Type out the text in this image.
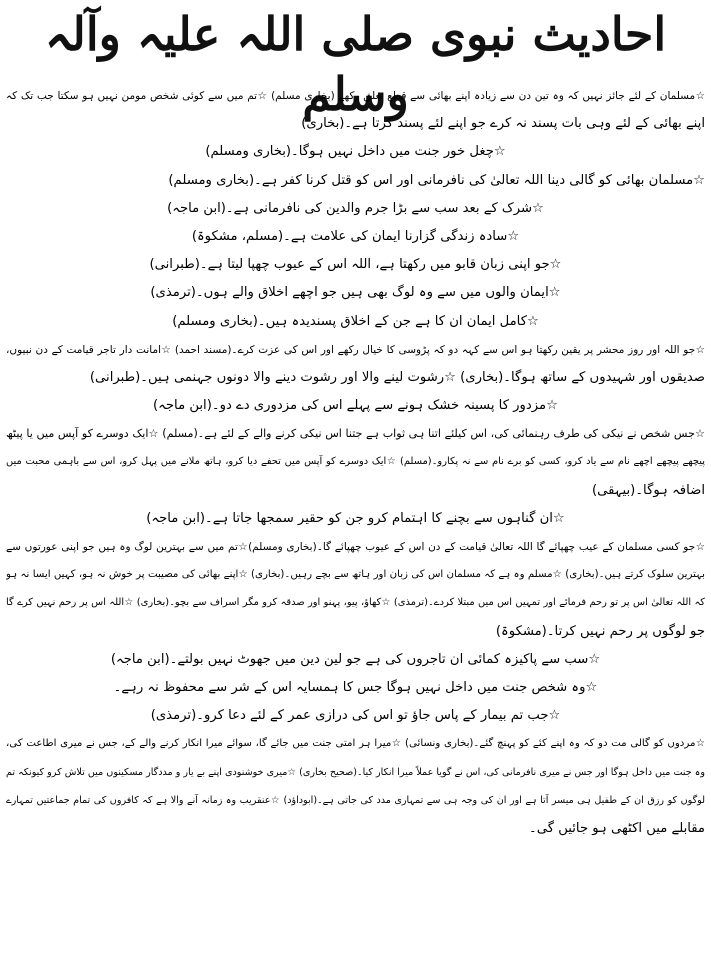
احادیث نبوی صلی اللہ علیہ وآلہ وسلم
☆مسلمان کے لئے جائز نہیں کہ وہ تین دن سے زیادہ اپنے بھائی سے قطع تعلق رکھے (بخاری مسلم) ☆تم میں سے کوئی شخص مومن نہیں ہو سکتا جب تک کہ
اپنے بھائی کے لئے وہی بات پسند نہ کرے جو اپنے لئے پسند کرتا ہے۔(بخاری)
☆چغل خور جنت میں داخل نہیں ہوگا۔(بخاری ومسلم)
☆مسلمان بھائی کو گالی دینا اللہ تعالیٰ کی نافرمانی اور اس کو قتل کرنا کفر ہے۔(بخاری ومسلم)
☆شرک کے بعد سب سے بڑا جرم والدین کی نافرمانی ہے۔(ابن ماجہ)
☆سادہ زندگی گزارنا ایمان کی علامت ہے۔(مسلم، مشکوۃ)
☆جو اپنی زبان قابو میں رکھتا ہے، اللہ اس کے عیوب چھپا لیتا ہے۔(طبرانی)
☆ایمان والوں میں سے وہ لوگ بھی ہیں جو اچھے اخلاق والے ہوں۔(ترمذی)
☆کامل ایمان ان کا ہے جن کے اخلاق پسندیدہ ہیں۔(بخاری ومسلم)
☆جو اللہ اور روز محشر پر یقین رکھتا ہو اس سے کہہ دو کہ پڑوسی کا خیال رکھے اور اس کی عزت کرے۔(مسند احمد) ☆امانت دار تاجر قیامت کے دن نبیوں،
صدیقوں اور شہیدوں کے ساتھ ہوگا۔(بخاری) ☆رشوت لینے والا اور رشوت دینے والا دونوں جہنمی ہیں۔(طبرانی)
☆مزدور کا پسینہ خشک ہونے سے پہلے اس کی مزدوری دے دو۔(ابن ماجہ)
☆جس شخص نے نیکی کی طرف رہنمائی کی، اس کیلئے اتنا ہی ثواب ہے جتنا اس نیکی کرنے والے کے لئے ہے۔(مسلم) ☆ایک دوسرے کو آپس میں یا پیٹھ
پیچھے پیچھے اچھے نام سے یاد کرو، کسی کو برے نام سے نہ پکارو۔(مسلم) ☆ایک دوسرے کو آپس میں تحفے دیا کرو، ہاتھ ملانے میں پہل کرو، اس سے باہمی محبت میں
اضافہ ہوگا۔(بیہقی)
☆ان گناہوں سے بچنے کا اہتمام کرو جن کو حقیر سمجھا جاتا ہے۔(ابن ماجہ)
☆جو کسی مسلمان کے عیب چھپائے گا اللہ تعالیٰ قیامت کے دن اس کے عیوب چھپائے گا۔(بخاری ومسلم)☆تم میں سے بہترین لوگ وہ ہیں جو اپنی عورتوں سے
بہترین سلوک کرتے ہیں۔(بخاری) ☆مسلم وہ ہے کہ مسلمان اس کی زبان اور ہاتھ سے بچے رہیں۔(بخاری) ☆اپنے بھائی کی مصیبت پر خوش نہ ہو، کہیں ایسا نہ ہو
کہ اللہ تعالیٰ اس پر تو رحم فرمائے اور تمہیں اس میں مبتلا کردے۔(ترمذی) ☆کھاؤ، پیو، پہنو اور صدقہ کرو مگر اسراف سے بچو۔(بخاری) ☆اللہ اس پر رحم نہیں کرے گا
جو لوگوں پر رحم نہیں کرتا۔(مشکوۃ)
☆سب سے پاکیزہ کمائی ان تاجروں کی ہے جو لین دین میں جھوٹ نہیں بولتے۔(ابن ماجہ)
☆وہ شخص جنت میں داخل نہیں ہوگا جس کا ہمسایہ اس کے شر سے محفوظ نہ رہے۔
☆جب تم بیمار کے پاس جاؤ تو اس کی درازی عمر کے لئے دعا کرو۔(ترمذی)
☆مردوں کو گالی مت دو کہ وہ اپنے کئے کو پہنچ گئے۔(بخاری ونسائی) ☆میرا ہر امتی جنت میں جائے گا، سوائے میرا انکار کرنے والے کے، جس نے میری اطاعت کی،
وہ جنت میں داخل ہوگا اور جس نے میری نافرمانی کی، اس نے گویا عملاً میرا انکار کیا۔(صحیح بخاری) ☆میری خوشنودی اپنے بے یار و مددگار مسکینوں میں تلاش کرو کیونکہ تم
لوگوں کو رزق ان کے طفیل ہی میسر آتا ہے اور ان کی وجہ ہی سے تمہاری مدد کی جاتی ہے۔(ابوداؤد) ☆عنقریب وہ زمانہ آنے والا ہے کہ کافروں کی تمام جماعتیں تمہارے
مقابلے میں اکٹھی ہو جائیں گی۔
